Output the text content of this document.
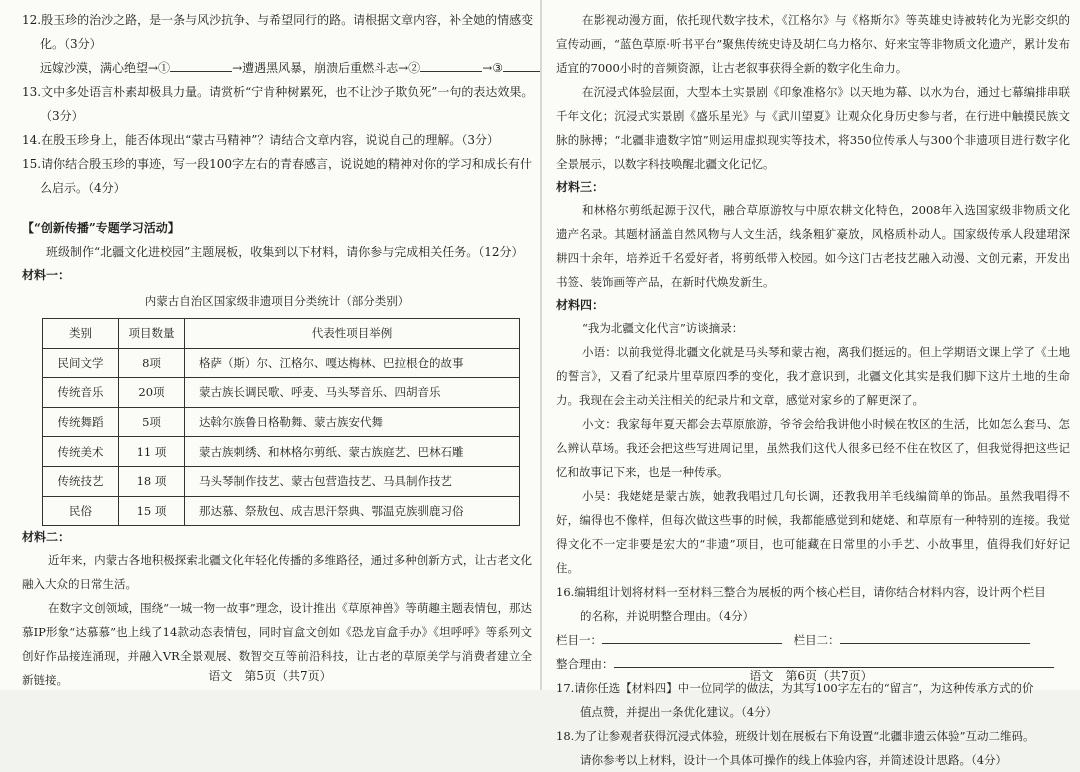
12.殷玉珍的治沙之路，是一条与风沙抗争、与希望同行的路。请根据文章内容，补全她的情感变

化。（3分）

远嫁沙漠，满心绝望→①	→遭遇黑风暴，崩溃后重燃斗志→②	→③

13.文中多处语言朴素却极具力量。请赏析“宁肯种树累死，也不让沙子欺负死”一句的表达效果。

（3分）

14.在殷玉珍身上，能否体现出“蒙古马精神”？请结合文章内容，说说自己的理解。（3分）

15.请你结合殷玉珍的事迹，写一段100字左右的青春感言，说说她的精神对你的学习和成长有什

么启示。（4分）

【“创新传播”专题学习活动】

班级制作“北疆文化进校园”主题展板，收集到以下材料，请你参与完成相关任务。（12分）

材料一：

内蒙古自治区国家级非遗项目分类统计（部分类别）

类别	项目数量	代表性项目举例
民间文学	8项	格萨（斯）尔、江格尔、嘎达梅林、巴拉根仓的故事
传统音乐	20项	蒙古族长调民歌、呼麦、马头琴音乐、四胡音乐
传统舞蹈	5项	达斡尔族鲁日格勒舞、蒙古族安代舞
传统美术	11 项	蒙古族刺绣、和林格尔剪纸、蒙古族庭艺、巴林石雕
传统技艺	18 项	马头琴制作技艺、蒙古包营造技艺、马具制作技艺
民俗	15 项	那达慕、祭敖包、成吉思汗祭典、鄂温克族驯鹿习俗

材料二：

近年来，内蒙古各地积极探索北疆文化年轻化传播的多维路径，通过多种创新方式，让古老文化融入大众的日常生活。

在数字文创领域，围绕“一城一物一故事”理念，设计推出《草原神兽》等萌趣主题表情包，那达慕IP形象“达慕慕”也上线了14款动态表情包，同时盲盒文创如《恐龙盲盒手办》《坦呼呼》等系列文创好作品接连涌现，并融入VR全景观展、数智交互等前沿科技，让古老的草原美学与消费者建立全新链接。	语文　第5页（共7页）

在影视动漫方面，依托现代数字技术，《江格尔》与《格斯尔》等英雄史诗被转化为光影交织的宣传动画，“蓝色草原·听书平台”聚焦传统史诗及胡仁乌力格尔、好来宝等非物质文化遗产，累计发布适宜的7000小时的音频资源，让古老叙事获得全新的数字化生命力。

在沉浸式体验层面，大型本土实景剧《印象准格尔》以天地为幕、以水为台，通过七幕编排串联千年文化；沉浸式实景剧《盛乐星光》与《武川望夏》让观众化身历史参与者，在行进中触摸民族文脉的脉搏；“北疆非遗数字馆”则运用虚拟现实等技术，将350位传承人与300个非遗项目进行数字化全景展示，以数字科技唤醒北疆文化记忆。

材料三：

和林格尔剪纸起源于汉代，融合草原游牧与中原农耕文化特色，2008年入选国家级非物质文化遗产名录。其题材涵盖自然风物与人文生活，线条粗犷豪放，风格质朴动人。国家级传承人段建珺深耕四十余年，培养近千名爱好者，将剪纸带入校园。如今这门古老技艺融入动漫、文创元素，开发出书签、装饰画等产品，在新时代焕发新生。

材料四：

“我为北疆文化代言”访谈摘录：

小语：以前我觉得北疆文化就是马头琴和蒙古袍，离我们挺远的。但上学期语文课上学了《土地的誓言》，又看了纪录片里草原四季的变化，我才意识到，北疆文化其实是我们脚下这片土地的生命力。我现在会主动关注相关的纪录片和文章，感觉对家乡的了解更深了。

小文：我家每年夏天都会去草原旅游，爷爷会给我讲他小时候在牧区的生活，比如怎么套马、怎么辨认草场。我还会把这些写进周记里，虽然我们这代人很多已经不住在牧区了，但我觉得把这些记忆和故事记下来，也是一种传承。

小吴：我姥姥是蒙古族，她教我唱过几句长调，还教我用羊毛线编简单的饰品。虽然我唱得不好，编得也不像样，但每次做这些事的时候，我都能感觉到和姥姥、和草原有一种特别的连接。我觉得文化不一定非要是宏大的“非遗”项目，也可能藏在日常里的小手艺、小故事里，值得我们好好记住。

16.编辑组计划将材料一至材料三整合为展板的两个核心栏目，请你结合材料内容，设计两个栏目

的名称，并说明整合理由。（4分）

栏目一：	栏目二：

整合理由：

17.请你任选【材料四】中一位同学的做法，为其写100字左右的“留言”，为这种传承方式的价

值点赞，并提出一条优化建议。（4分）

18.为了让参观者获得沉浸式体验，班级计划在展板右下角设置“北疆非遗云体验”互动二维码。

请你参考以上材料，设计一个具体可操作的线上体验内容，并简述设计思路。（4分）

语文　第6页（共7页）
